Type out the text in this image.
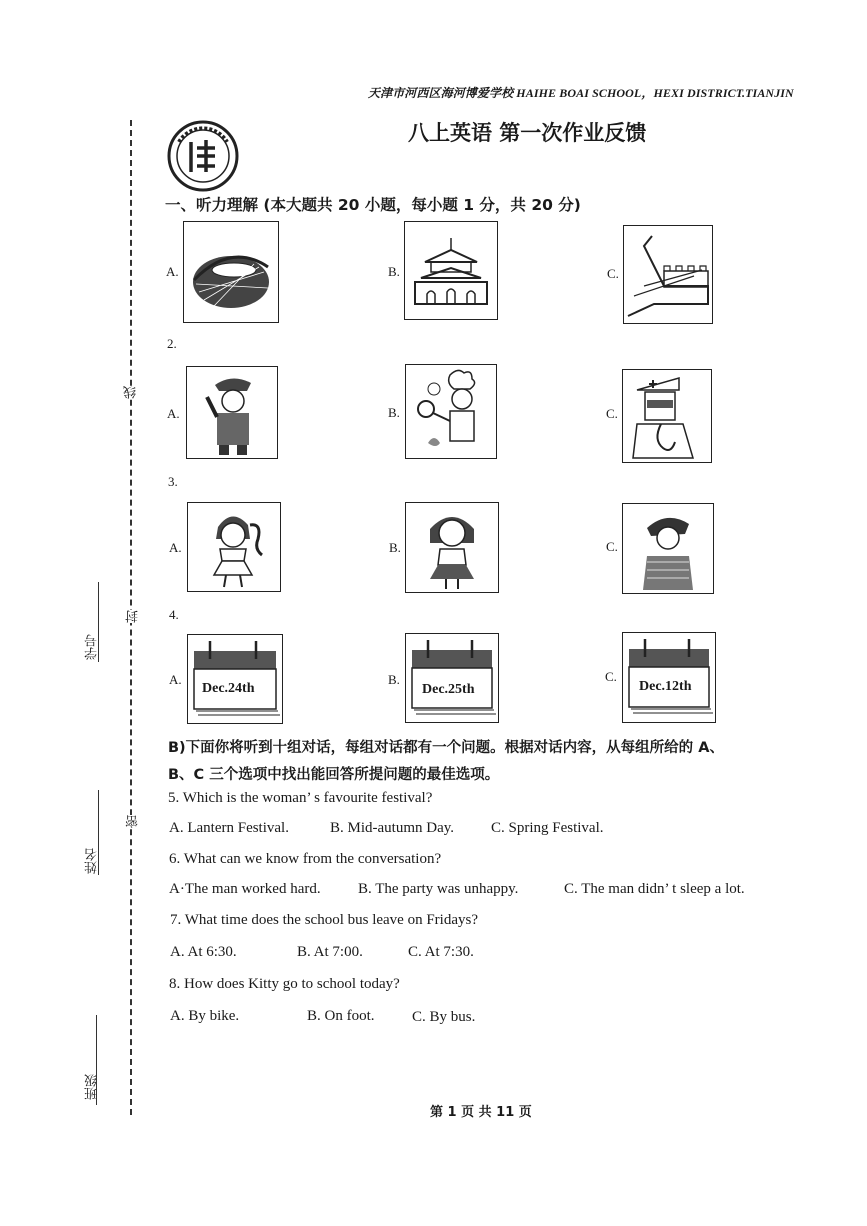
天津市河西区海河博爱学校 HAIHE BOAI SCHOOL，HEXI DISTRICT.TIANJIN
八上英语 第一次作业反馈
一、听力理解 (本大题共 20 小题，每小题 1 分，共 20 分)
A.	B.	C.
2.
A.	B.	C.
3.
A.	B.	C.
4.
A.
Dec.24th
B.
Dec.25th
C.
Dec.12th
B)下面你将听到十组对话，每组对话都有一个问题。根据对话内容，从每组所给的 A、
B、C 三个选项中找出能回答所提问题的最佳选项。
5. Which is the woman’ s favourite festival?
A. Lantern Festival.	B. Mid-autumn Day. C. Spring Festival.
6. What can we know from the conversation?
A·The man worked hard. B. The party was unhappy.	C. The man didn’ t sleep a lot.
7. What time does the school bus leave on Fridays?
A. At 6:30.	B. At 7:00.	C. At 7:30.
8. How does Kitty go to school today?
A. By bike.	B. On foot.	C. By bus.
线
封
密
学号
姓名
班级
第 1 页 共 11 页
